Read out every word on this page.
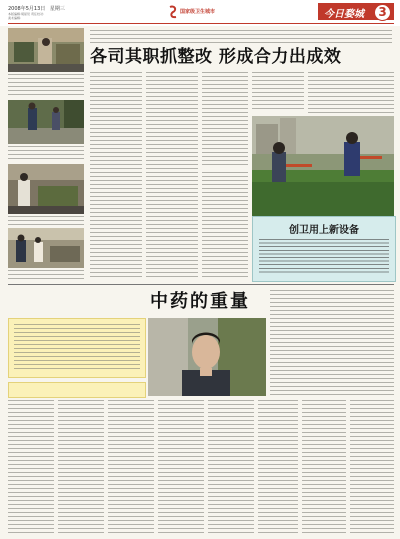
2008年5月13日 星期三
本版编辑:胡星辰 责任校对:
美术编辑:
国家级卫生城市	今日婺城	3
各司其职抓整改 形成合力出成效
创卫用上新设备
中药的重量
